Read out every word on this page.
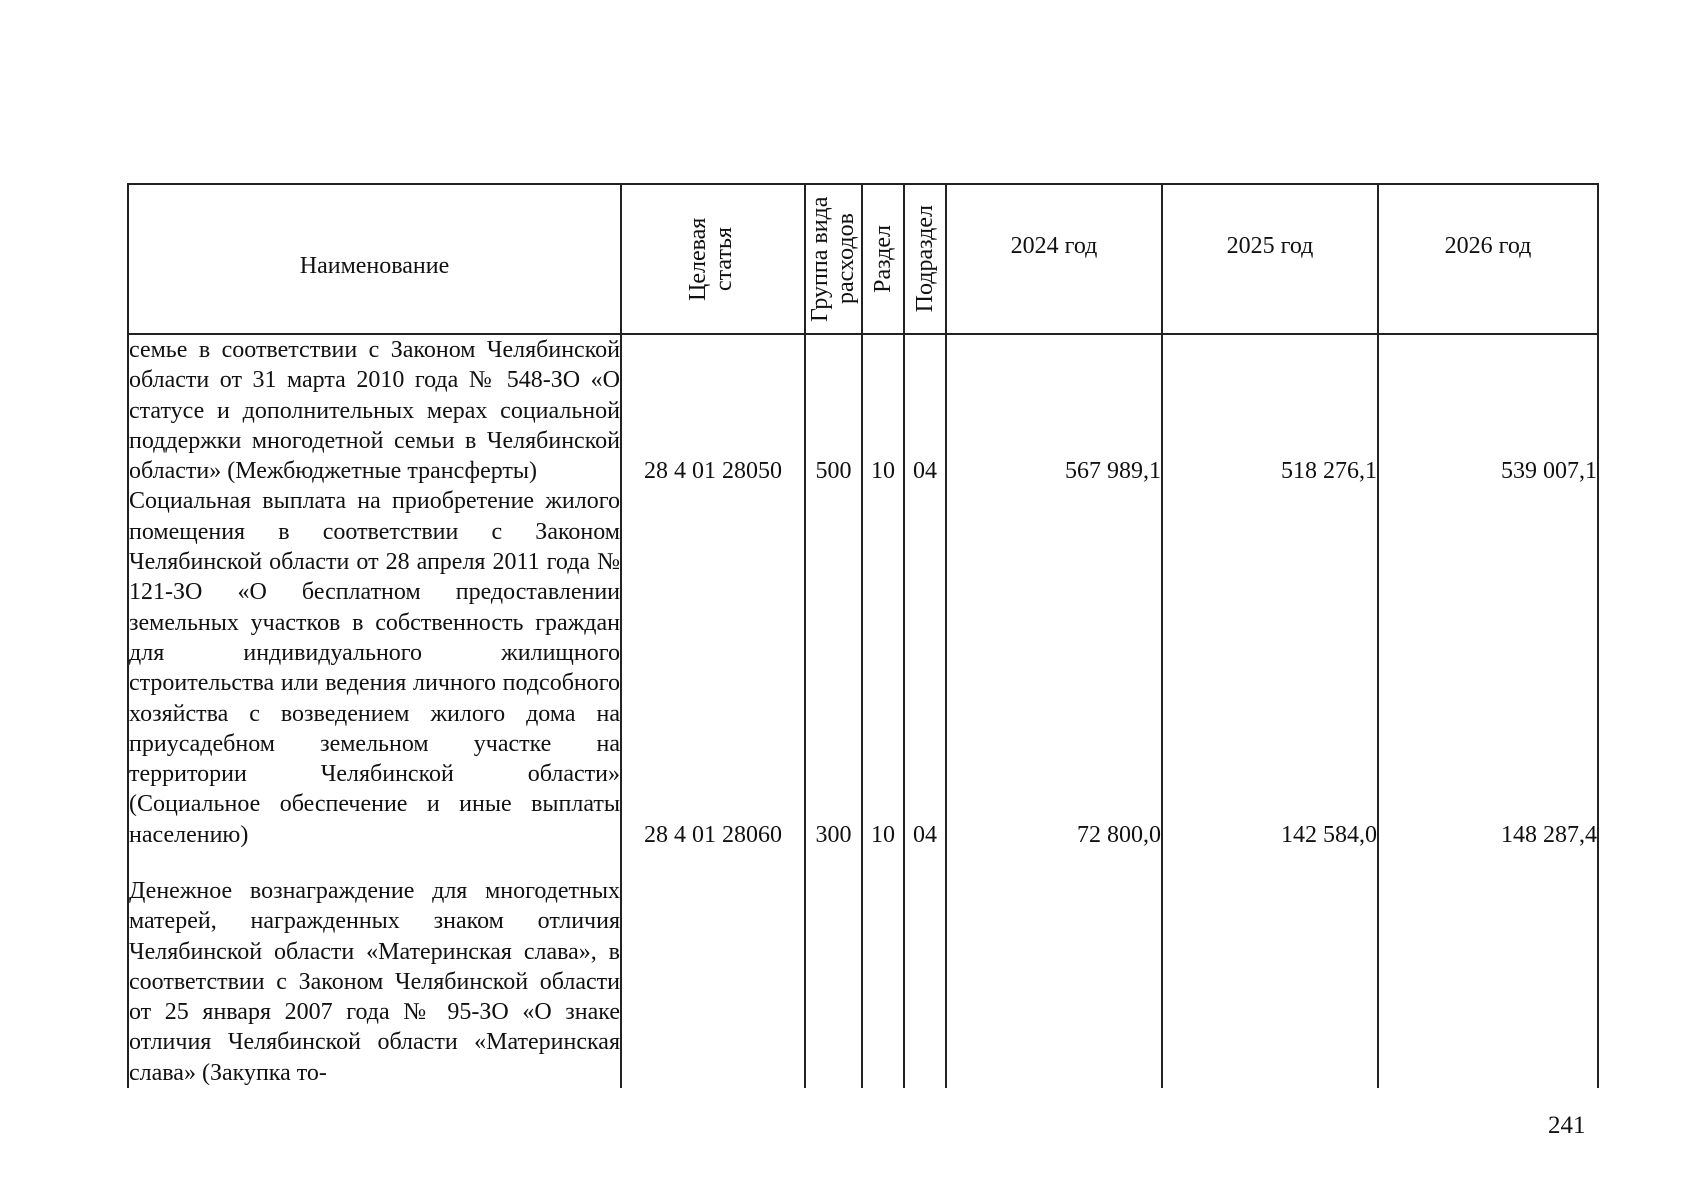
Наименование	Целевая статья	Группа вида расходов	Раздел	Подраздел	2024 год	2025 год	2026 год

семье в соответствии с Законом Челябинской области от 31 марта 2010 года № 548-ЗО «О статусе и дополнительных мерах социальной поддержки многодетной семьи в Челябинской области» (Межбюджетные трансферты)	28 4 01 28050	500	10	04	567 989,1	518 276,1	539 007,1

Социальная выплата на приобретение жилого помещения в соответствии с Законом Челябинской области от 28 апреля 2011 года № 121-ЗО «О бесплатном предоставлении земельных участков в собственность граждан для индивидуального жилищного строительства или ведения личного подсобного хозяйства с возведением жилого дома на приусадебном земельном участке на территории Челябинской области» (Социальное обеспечение и иные выплаты населению)	28 4 01 28060	300	10	04	72 800,0	142 584,0	148 287,4

Денежное вознаграждение для многодетных матерей, награжденных знаком отличия Челябинской области «Материнская слава», в соответствии с Законом Челябинской области от 25 января 2007 года № 95-ЗО «О знаке отличия Челябинской области «Материнская слава» (Закупка то-							

241
